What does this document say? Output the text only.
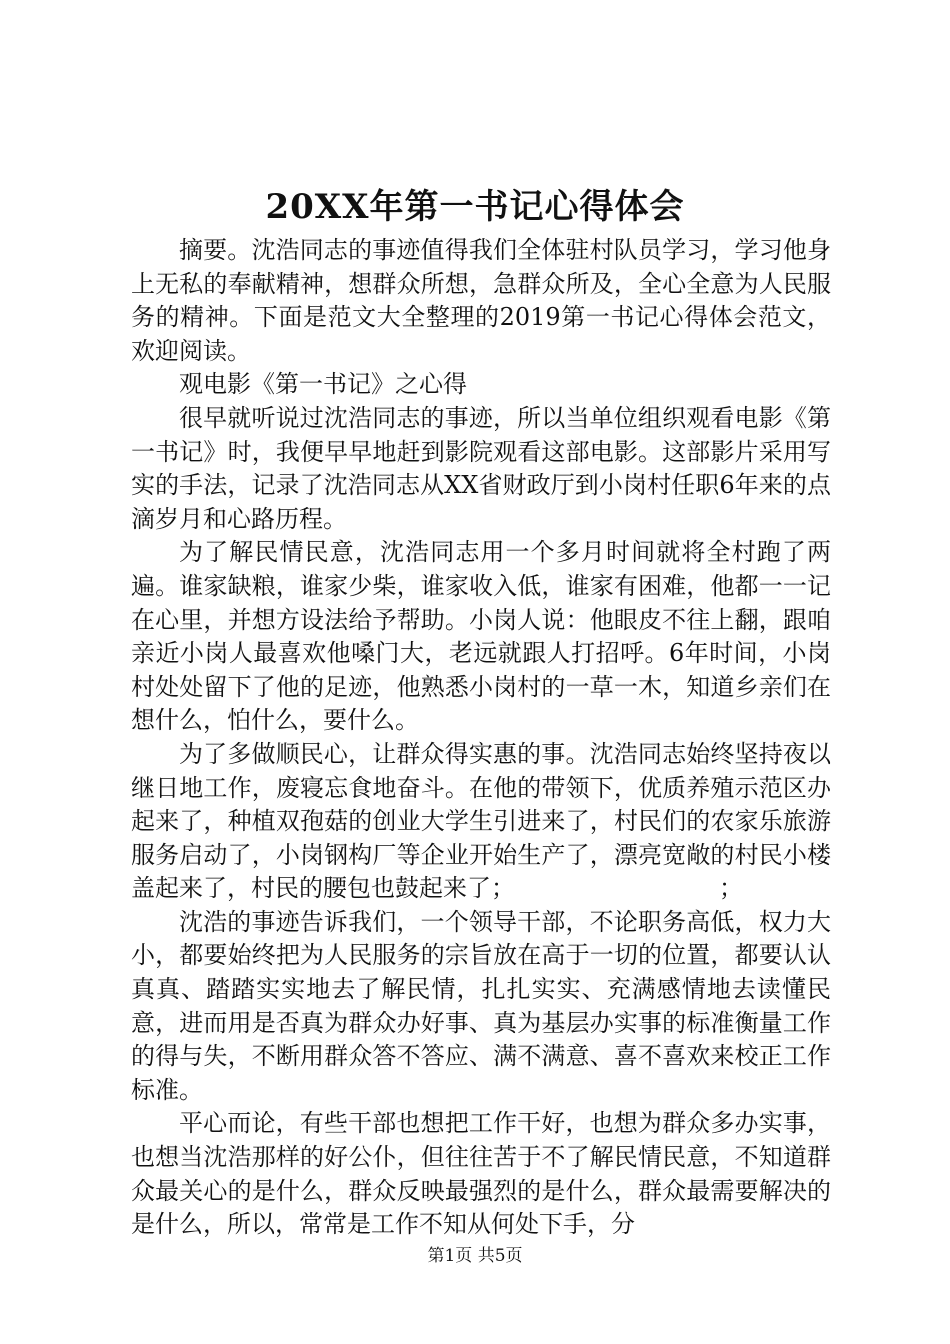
20XX年第一书记心得体会

摘要。沈浩同志的事迹值得我们全体驻村队员学习，学习他身上无私的奉献精神，想群众所想，急群众所及，全心全意为人民服务的精神。下面是范文大全整理的2019第一书记心得体会范文，欢迎阅读。

观电影《第一书记》之心得

很早就听说过沈浩同志的事迹，所以当单位组织观看电影《第一书记》时，我便早早地赶到影院观看这部电影。这部影片采用写实的手法，记录了沈浩同志从XX省财政厅到小岗村任职6年来的点滴岁月和心路历程。

为了解民情民意，沈浩同志用一个多月时间就将全村跑了两遍。谁家缺粮，谁家少柴，谁家收入低，谁家有困难，他都一一记在心里，并想方设法给予帮助。小岗人说：他眼皮不往上翻，跟咱亲近小岗人最喜欢他嗓门大，老远就跟人打招呼。6年时间，小岗村处处留下了他的足迹，他熟悉小岗村的一草一木，知道乡亲们在想什么，怕什么，要什么。

为了多做顺民心，让群众得实惠的事。沈浩同志始终坚持夜以继日地工作，废寝忘食地奋斗。在他的带领下，优质养殖示范区办起来了，种植双孢菇的创业大学生引进来了，村民们的农家乐旅游服务启动了，小岗钢构厂等企业开始生产了，漂亮宽敞的村民小楼盖起来了，村民的腰包也鼓起来了；　　　　　　　　　；

沈浩的事迹告诉我们，一个领导干部，不论职务高低，权力大小，都要始终把为人民服务的宗旨放在高于一切的位置，都要认认真真、踏踏实实地去了解民情，扎扎实实、充满感情地去读懂民意，进而用是否真为群众办好事、真为基层办实事的标准衡量工作的得与失，不断用群众答不答应、满不满意、喜不喜欢来校正工作标准。

平心而论，有些干部也想把工作干好，也想为群众多办实事，也想当沈浩那样的好公仆，但往往苦于不了解民情民意，不知道群众最关心的是什么，群众反映最强烈的是什么，群众最需要解决的是什么，所以，常常是工作不知从何处下手，分

第1页 共5页
